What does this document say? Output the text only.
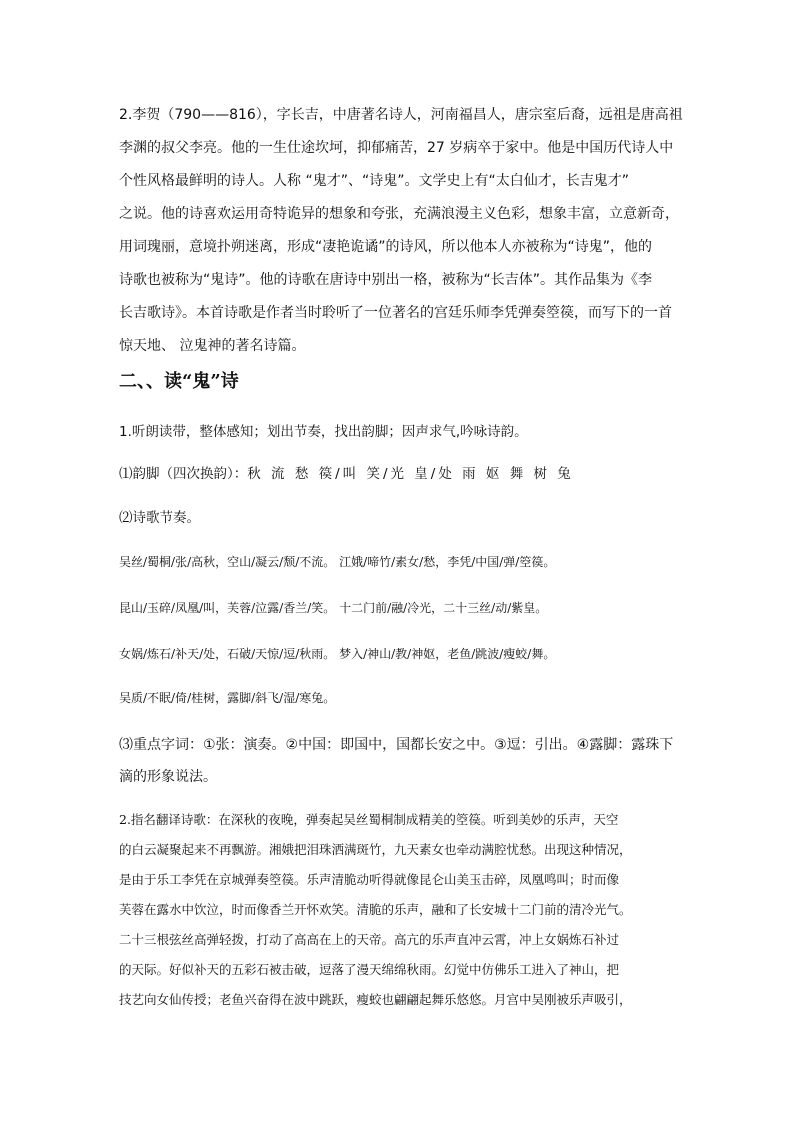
2.李贺（790——816），字长吉，中唐著名诗人，河南福昌人，唐宗室后裔，远祖是唐高祖
李渊的叔父李亮。他的一生仕途坎坷，抑郁痛苦，27 岁病卒于家中。他是中国历代诗人中
个性风格最鲜明的诗人。人称 “鬼才”、“诗鬼”。文学史上有“太白仙才，长吉鬼才”
之说。他的诗喜欢运用奇特诡异的想象和夸张，充满浪漫主义色彩，想象丰富，立意新奇，
用词瑰丽，意境扑朔迷离，形成“凄艳诡谲”的诗风，所以他本人亦被称为“诗鬼”，他的
诗歌也被称为“鬼诗”。他的诗歌在唐诗中别出一格，被称为“长吉体”。其作品集为《李
长吉歌诗》。本首诗歌是作者当时聆听了一位著名的宫廷乐师李凭弹奏箜篌，而写下的一首
惊天地、 泣鬼神的著名诗篇。
二、、读“鬼”诗

1.听朗读带，整体感知；划出节奏，找出韵脚；因声求气,吟咏诗韵。

⑴韵脚（四次换韵）：秋 流 愁 篌/叫 笑/光 皇/处 雨 妪 舞 树 兔

⑵诗歌节奏。

吴丝/蜀桐/张/高秋，空山/凝云/颓/不流。 江娥/啼竹/素女/愁，李凭/中国/弹/箜篌。

昆山/玉碎/凤凰/叫，芙蓉/泣露/香兰/笑。 十二门前/融/冷光，二十三丝/动/紫皇。

女娲/炼石/补天/处，石破/天惊/逗/秋雨。 梦入/神山/教/神妪，老鱼/跳波/瘦蛟/舞。

吴质/不眠/倚/桂树，露脚/斜飞/湿/寒兔。

⑶重点字词：①张：演奏。②中国：即国中，国都长安之中。③逗：引出。④露脚：露珠下
滴的形象说法。
2.指名翻译诗歌：在深秋的夜晚，弹奏起吴丝蜀桐制成精美的箜篌。听到美妙的乐声，天空
的白云凝聚起来不再飘游。湘娥把泪珠洒满斑竹，九天素女也牵动满腔忧愁。出现这种情况，
是由于乐工李凭在京城弹奏箜篌。乐声清脆动听得就像昆仑山美玉击碎，凤凰鸣叫；时而像
芙蓉在露水中饮泣，时而像香兰开怀欢笑。清脆的乐声，融和了长安城十二门前的清冷光气。
二十三根弦丝高弹轻拨，打动了高高在上的天帝。高亢的乐声直冲云霄，冲上女娲炼石补过
的天际。好似补天的五彩石被击破，逗落了漫天绵绵秋雨。幻觉中仿佛乐工进入了神山，把
技艺向女仙传授；老鱼兴奋得在波中跳跃，瘦蛟也翩翩起舞乐悠悠。月宫中吴刚被乐声吸引，
